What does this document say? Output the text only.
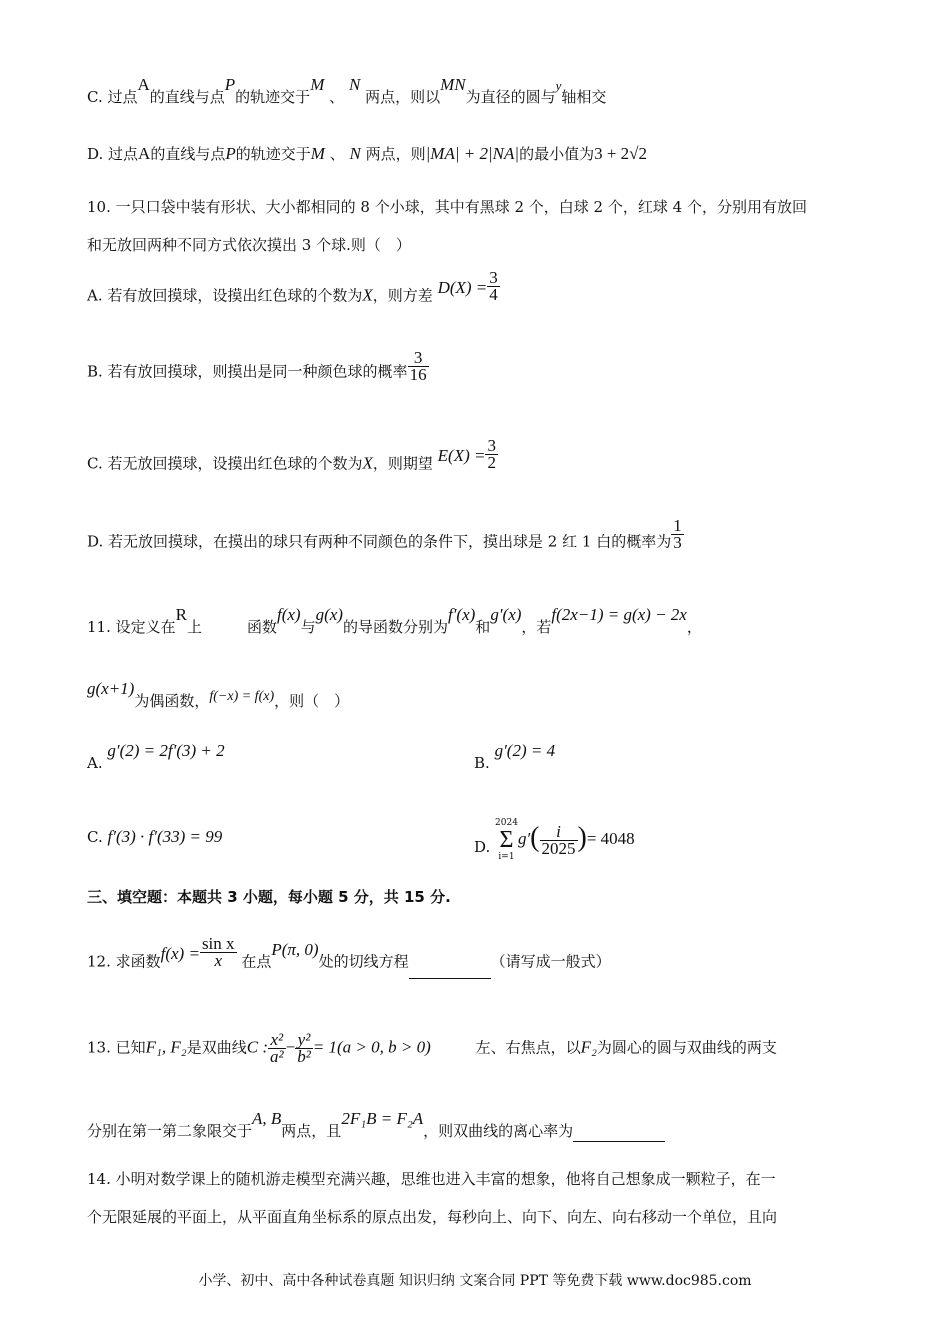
C. 过点A的直线与点P的轨迹交于M 、 N 两点，则以MN为直径的圆与y轴相交
D. 过点A的直线与点P的轨迹交于M 、 N 两点，则|MA| + 2|NA|的最小值为3 + 2√2
10. 一只口袋中装有形状、大小都相同的 8 个小球，其中有黑球 2 个，白球 2 个，红球 4 个，分别用有放回
和无放回两种不同方式依次摸出 3 个球.则（　）
A. 若有放回摸球，设摸出红色球的个数为X，则方差 $D(X) = \frac{3}{4}$
B. 若有放回摸球，则摸出是同一种颜色球的概率 $\frac{3}{16}$
C. 若无放回摸球，设摸出红色球的个数为X，则期望 $E(X) = \frac{3}{2}$
D. 若无放回摸球，在摸出的球只有两种不同颜色的条件下，摸出球是 2 红 1 白的概率为 $\frac{1}{3}$
11. 设定义在R上　　　函数f(x)与g(x)的导函数分别为f′(x)和g′(x)，若f(2x−1) = g(x) − 2x，
g(x+1)为偶函数，f(−x) = f(x)，则（　）
A. g′(2) = 2f′(3) + 2
B. g′(2) = 4
C. f′(3) · f′(33) = 99
D.
2024
Σ
i=1
$g'( \frac{i}{2025}$ )= 4048
三、填空题：本题共 3 小题，每小题 5 分，共 15 分.
12. 求函数$f(x) = \frac{\text{sin x}}{x}$ 在点P(π, 0)处的切线方程	（请写成一般式）
13. 已知F₁, F₂是双曲线C : $\frac{\text{x²}}{\text{a²}} - \frac{\text{y²}}{\text{b²}} = 1(a > 0$, b > 0)	左、右焦点，以F₂为圆心的圆与双曲线的两支
分别在第一第二象限交于A, B两点，且2F₁B = F₂A，则双曲线的离心率为
14. 小明对数学课上的随机游走模型充满兴趣，思维也进入丰富的想象，他将自己想象成一颗粒子，在一
个无限延展的平面上，从平面直角坐标系的原点出发，每秒向上、向下、向左、向右移动一个单位，且向
小学、初中、高中各种试卷真题 知识归纳 文案合同 PPT 等免费下载 www.doc985.com
